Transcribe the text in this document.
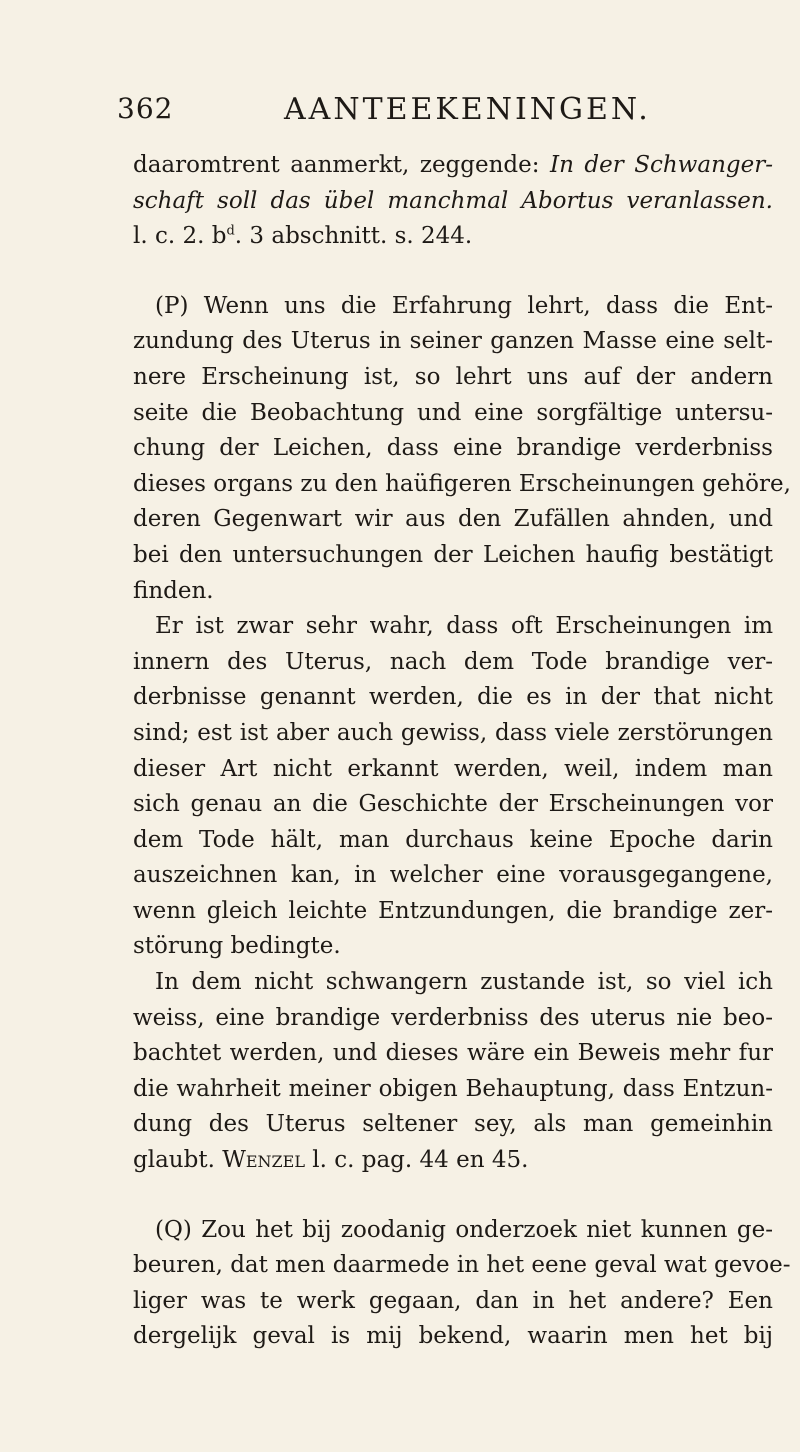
362	AANTEEKENINGEN.
daaromtrent aanmerkt, zeggende: In der Schwanger-
schaft soll das übel manchmal Abortus veranlassen.
l. c. 2. $b^d$. 3 abschnitt. s. 244.
(P) Wenn uns die Erfahrung lehrt, dass die Ent-
zundung des Uterus in seiner ganzen Masse eine selt-
nere Erscheinung ist, so lehrt uns auf der andern
seite die Beobachtung und eine sorgfältige untersu-
chung der Leichen, dass eine brandige verderbniss
dieses organs zu den haüfigeren Erscheinungen gehöre,
deren Gegenwart wir aus den Zufällen ahnden, und
bei den untersuchungen der Leichen haufig bestätigt
finden.
Er ist zwar sehr wahr, dass oft Erscheinungen im
innern des Uterus, nach dem Tode brandige ver-
derbnisse genannt werden, die es in der that nicht
sind; est ist aber auch gewiss, dass viele zerstörungen
dieser Art nicht erkannt werden, weil, indem man
sich genau an die Geschichte der Erscheinungen vor
dem Tode hält, man durchaus keine Epoche darin
auszeichnen kan, in welcher eine vorausgegangene,
wenn gleich leichte Entzundungen, die brandige zer-
störung bedingte.
In dem nicht schwangern zustande ist, so viel ich
weiss, eine brandige verderbniss des uterus nie beo-
bachtet werden, und dieses wäre ein Beweis mehr fur
die wahrheit meiner obigen Behauptung, dass Entzun-
dung des Uterus seltener sey, als man gemeinhin
glaubt. Wenzel l. c. pag. 44 en 45.
(Q) Zou het bij zoodanig onderzoek niet kunnen ge-
beuren, dat men daarmede in het eene geval wat gevoe-
liger was te werk gegaan, dan in het andere? Een
dergelijk geval is mij bekend, waarin men het bij
